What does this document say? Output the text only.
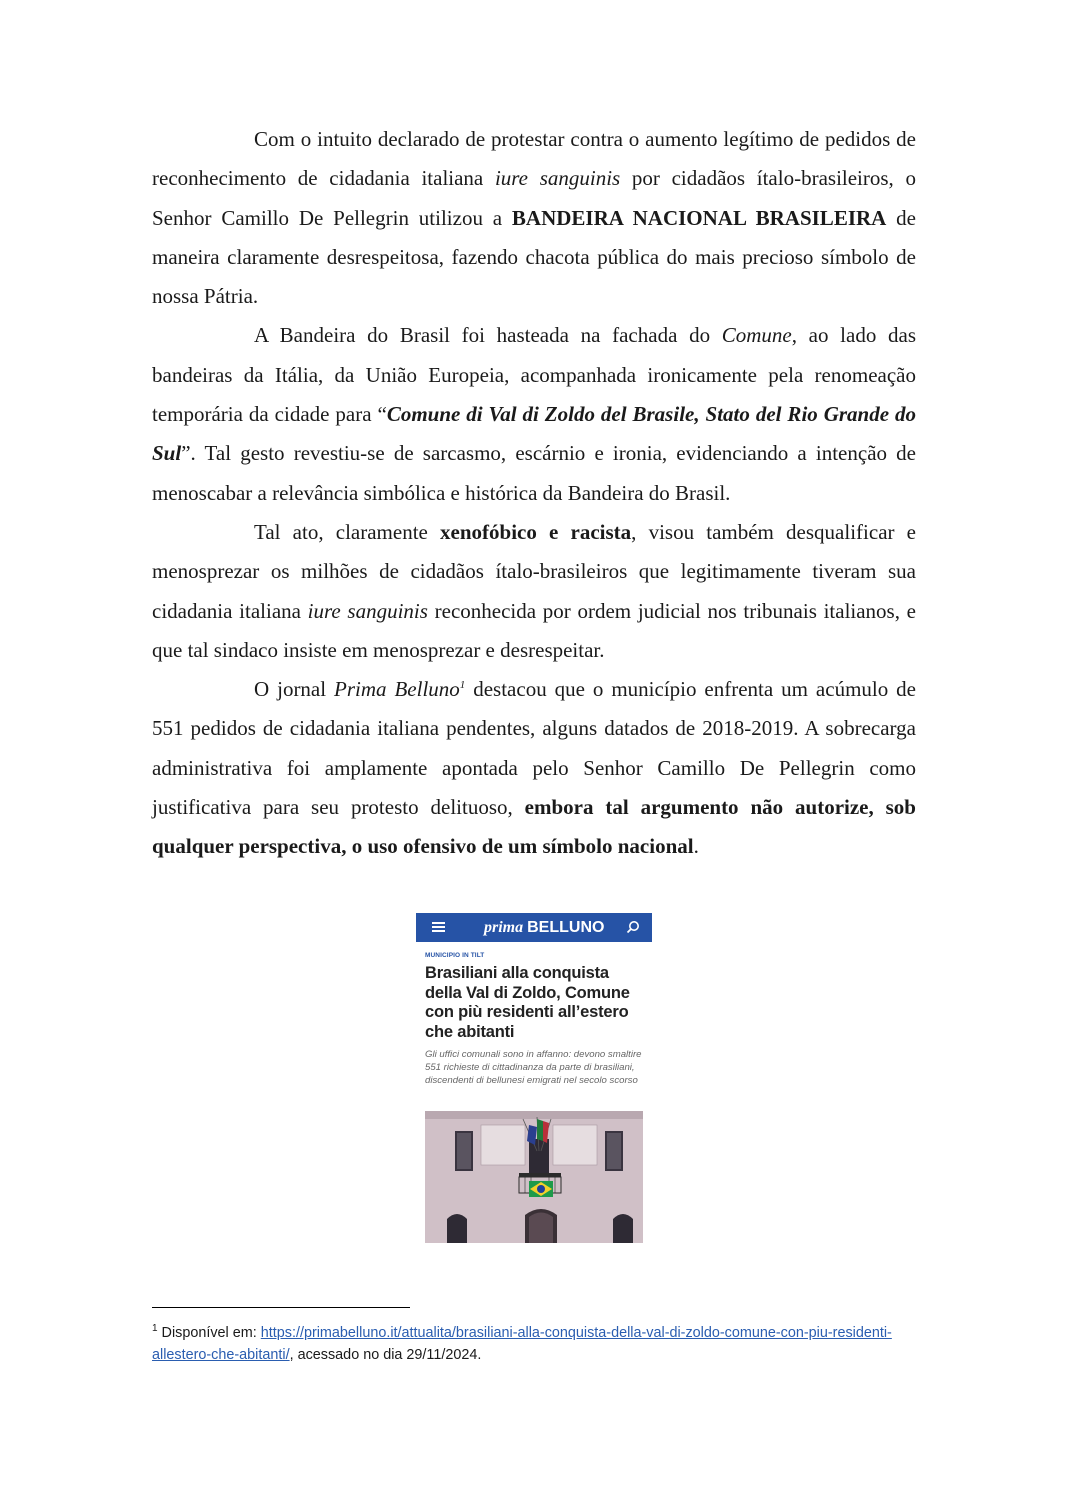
Com o intuito declarado de protestar contra o aumento legítimo de pedidos de reconhecimento de cidadania italiana iure sanguinis por cidadãos ítalo-brasileiros, o Senhor Camillo De Pellegrin utilizou a BANDEIRA NACIONAL BRASILEIRA de maneira claramente desrespeitosa, fazendo chacota pública do mais precioso símbolo de nossa Pátria.

A Bandeira do Brasil foi hasteada na fachada do Comune, ao lado das bandeiras da Itália, da União Europeia, acompanhada ironicamente pela renomeação temporária da cidade para “Comune di Val di Zoldo del Brasile, Stato del Rio Grande do Sul”. Tal gesto revestiu-se de sarcasmo, escárnio e ironia, evidenciando a intenção de menoscabar a relevância simbólica e histórica da Bandeira do Brasil.

Tal ato, claramente xenofóbico e racista, visou também desqualificar e menosprezar os milhões de cidadãos ítalo-brasileiros que legitimamente tiveram sua cidadania italiana iure sanguinis reconhecida por ordem judicial nos tribunais italianos, e que tal sindaco insiste em menosprezar e desrespeitar.

O jornal Prima Belluno$^1$ destacou que o município enfrenta um acúmulo de 551 pedidos de cidadania italiana pendentes, alguns datados de 2018-2019. A sobrecarga administrativa foi amplamente apontada pelo Senhor Camillo De Pellegrin como justificativa para seu protesto delituoso, embora tal argumento não autorize, sob qualquer perspectiva, o uso ofensivo de um símbolo nacional.

prima BELLUNO
MUNICIPIO IN TILT
Brasiliani alla conquista della Val di Zoldo, Comune con più residenti all’estero che abitanti
Gli uffici comunali sono in affanno: devono smaltire 551 richieste di cittadinanza da parte di brasiliani, discendenti di bellunesi emigrati nel secolo scorso
$^1$ Disponível em: https://primabelluno.it/attualita/brasiliani-alla-conquista-della-val-di-zoldo-comune-con-piu-residenti-allestero-che-abitanti/, acessado no dia 29/11/2024.
